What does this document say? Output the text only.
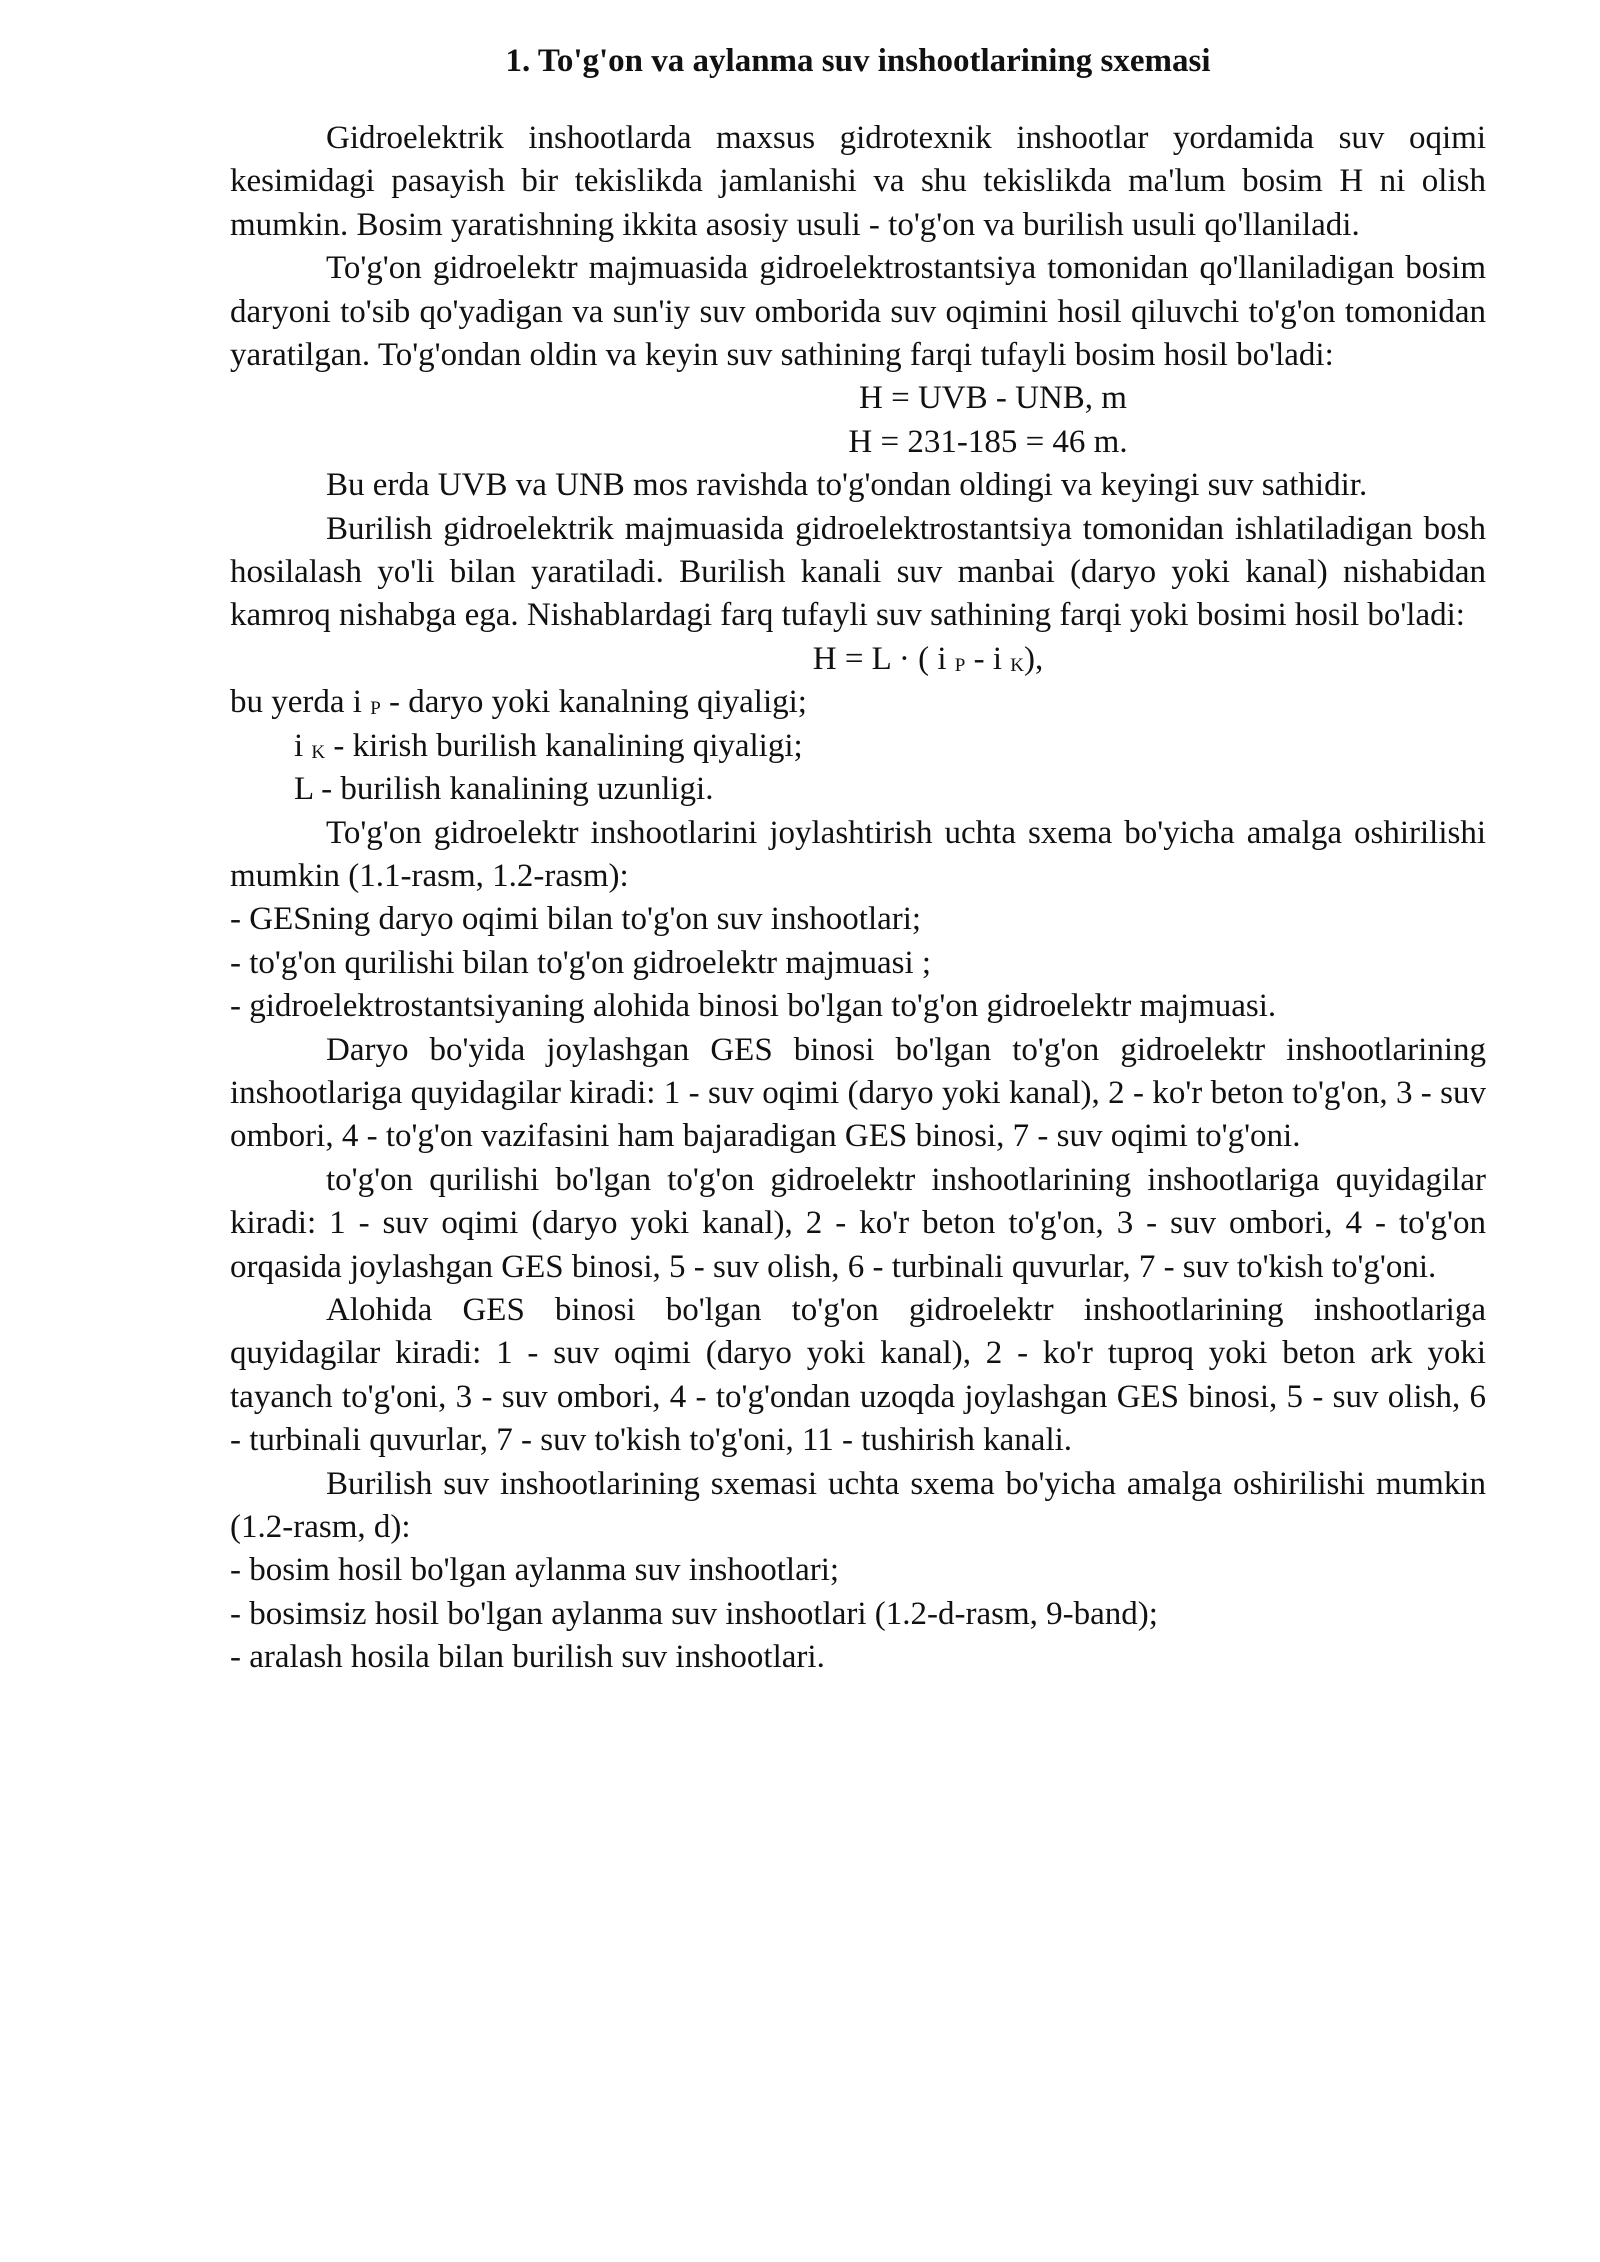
1. To'g'on va aylanma suv inshootlarining sxemasi

Gidroelektrik inshootlarda maxsus gidrotexnik inshootlar yordamida suv oqimi kesimidagi pasayish bir tekislikda jamlanishi va shu tekislikda ma'lum bosim H ni olish mumkin. Bosim yaratishning ikkita asosiy usuli - to'g'on va burilish usuli qo'llaniladi.

To'g'on gidroelektr majmuasida gidroelektrostantsiya tomonidan qo'llaniladigan bosim daryoni to'sib qo'yadigan va sun'iy suv omborida suv oqimini hosil qiluvchi to'g'on tomonidan yaratilgan. To'g'ondan oldin va keyin suv sathining farqi tufayli bosim hosil bo'ladi:

H = UVB - UNB, m

H = 231-185 = 46 m.

Bu erda UVB va UNB mos ravishda to'g'ondan oldingi va keyingi suv sathidir.

Burilish gidroelektrik majmuasida gidroelektrostantsiya tomonidan ishlatiladigan bosh hosilalash yo'li bilan yaratiladi. Burilish kanali suv manbai (daryo yoki kanal) nishabidan kamroq nishabga ega. Nishablardagi farq tufayli suv sathining farqi yoki bosimi hosil bo'ladi:

H = L · ( i $_P$ - i $_K$),

bu yerda i $_P$ - daryo yoki kanalning qiyaligi;

i $_K$ - kirish burilish kanalining qiyaligi;

L - burilish kanalining uzunligi.

To'g'on gidroelektr inshootlarini joylashtirish uchta sxema bo'yicha amalga oshirilishi mumkin (1.1-rasm, 1.2-rasm):

- GESning daryo oqimi bilan to'g'on suv inshootlari;

- to'g'on qurilishi bilan to'g'on gidroelektr majmuasi ;

- gidroelektrostantsiyaning alohida binosi bo'lgan to'g'on gidroelektr majmuasi.

Daryo bo'yida joylashgan GES binosi bo'lgan to'g'on gidroelektr inshootlarining inshootlariga quyidagilar kiradi: 1 - suv oqimi (daryo yoki kanal), 2 - ko'r beton to'g'on, 3 - suv ombori, 4 - to'g'on vazifasini ham bajaradigan GES binosi, 7 - suv oqimi to'g'oni.

to'g'on qurilishi bo'lgan to'g'on gidroelektr inshootlarining inshootlariga quyidagilar kiradi: 1 - suv oqimi (daryo yoki kanal), 2 - ko'r beton to'g'on, 3 - suv ombori, 4 - to'g'on orqasida joylashgan GES binosi, 5 - suv olish, 6 - turbinali quvurlar, 7 - suv to'kish to'g'oni.

Alohida GES binosi bo'lgan to'g'on gidroelektr inshootlarining inshootlariga quyidagilar kiradi: 1 - suv oqimi (daryo yoki kanal), 2 - ko'r tuproq yoki beton ark yoki tayanch to'g'oni, 3 - suv ombori, 4 - to'g'ondan uzoqda joylashgan GES binosi, 5 - suv olish, 6 - turbinali quvurlar, 7 - suv to'kish to'g'oni, 11 - tushirish kanali.

Burilish suv inshootlarining sxemasi uchta sxema bo'yicha amalga oshirilishi mumkin (1.2-rasm, d):

- bosim hosil bo'lgan aylanma suv inshootlari;

- bosimsiz hosil bo'lgan aylanma suv inshootlari (1.2-d-rasm, 9-band);

- aralash hosila bilan burilish suv inshootlari.
